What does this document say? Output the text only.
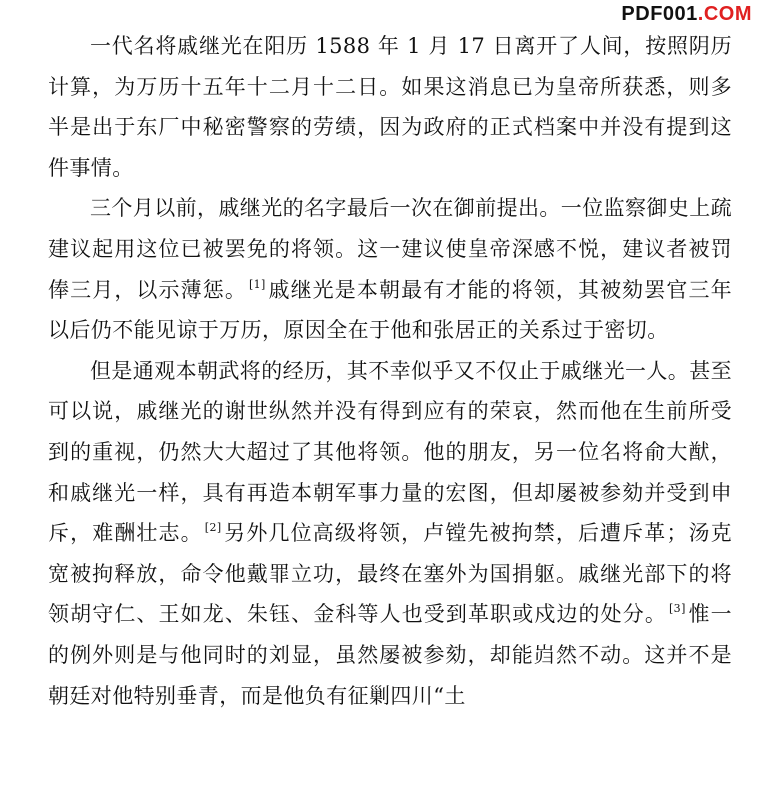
PDF001.COM

一代名将戚继光在阳历 1588 年 1 月 17 日离开了人间，按照阴历计算，为万历十五年十二月十二日。如果这消息已为皇帝所获悉，则多半是出于东厂中秘密警察的劳绩，因为政府的正式档案中并没有提到这件事情。

三个月以前，戚继光的名字最后一次在御前提出。一位监察御史上疏建议起用这位已被罢免的将领。这一建议使皇帝深感不悦，建议者被罚俸三月，以示薄惩。 [1]戚继光是本朝最有才能的将领，其被劾罢官三年以后仍不能见谅于万历，原因全在于他和张居正的关系过于密切。

但是通观本朝武将的经历，其不幸似乎又不仅止于戚继光一人。甚至可以说，戚继光的谢世纵然并没有得到应有的荣哀，然而他在生前所受到的重视，仍然大大超过了其他将领。他的朋友，另一位名将俞大猷，和戚继光一样，具有再造本朝军事力量的宏图，但却屡被参劾并受到申斥，难酬壮志。 [2]另外几位高级将领，卢镗先被拘禁，后遭斥革；汤克宽被拘释放，命令他戴罪立功，最终在塞外为国捐躯。戚继光部下的将领胡守仁、王如龙、朱钰、金科等人也受到革职或戍边的处分。 [3]惟一的例外则是与他同时的刘显，虽然屡被参劾，却能岿然不动。这并不是朝廷对他特别垂青，而是他负有征剿四川“土
